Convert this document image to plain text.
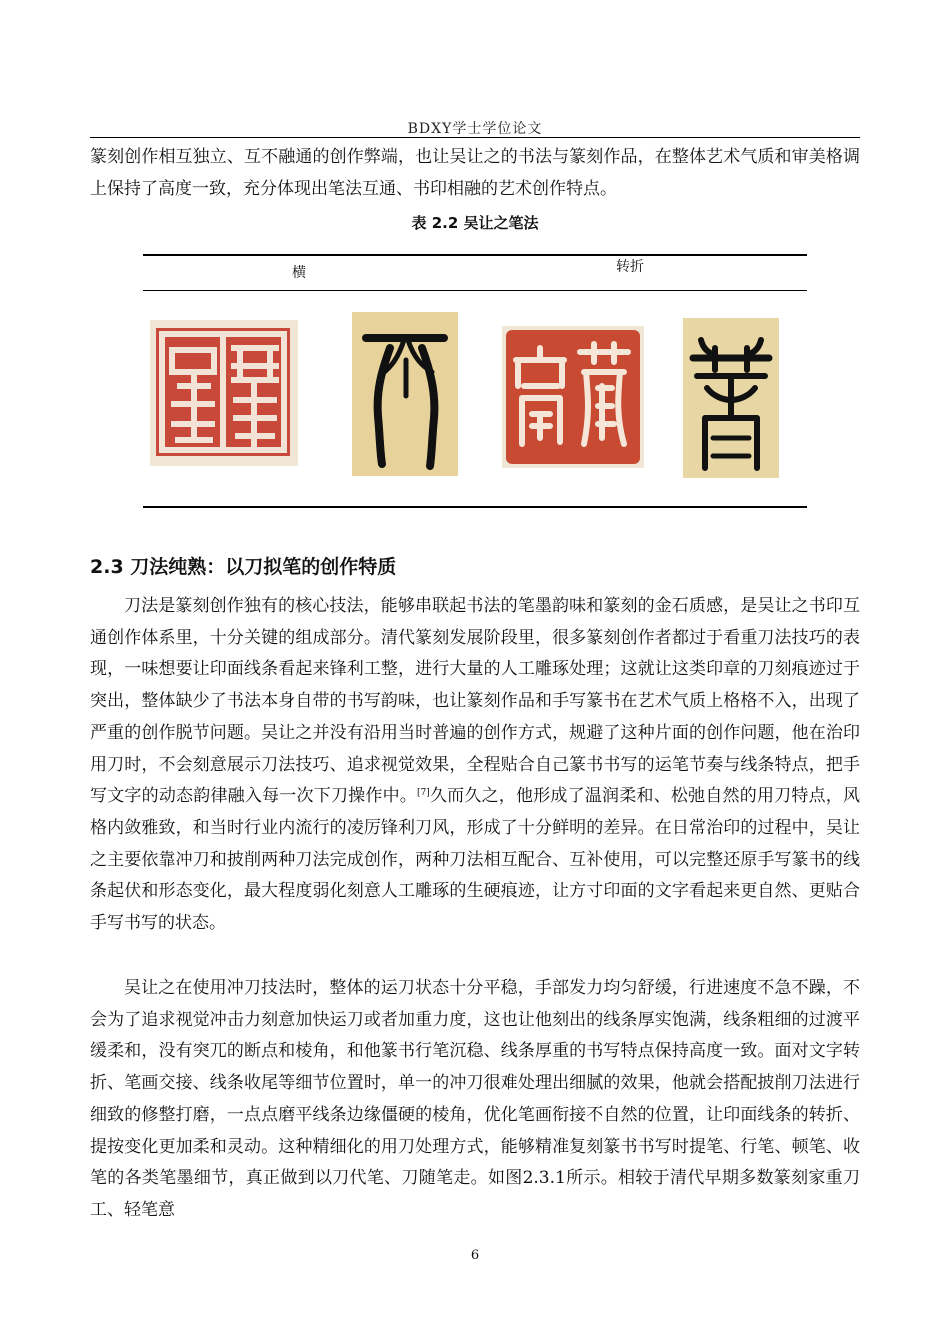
BDXY学士学位论文

篆刻创作相互独立、互不融通的创作弊端，也让吴让之的书法与篆刻作品，在整体艺术气质和审美格调上保持了高度一致，充分体现出笔法互通、书印相融的艺术创作特点。

表 2.2 吴让之笔法
横	转折
2.3 刀法纯熟：以刀拟笔的创作特质

刀法是篆刻创作独有的核心技法，能够串联起书法的笔墨韵味和篆刻的金石质感，是吴让之书印互通创作体系里，十分关键的组成部分。清代篆刻发展阶段里，很多篆刻创作者都过于看重刀法技巧的表现，一味想要让印面线条看起来锋利工整，进行大量的人工雕琢处理；这就让这类印章的刀刻痕迹过于突出，整体缺少了书法本身自带的书写韵味，也让篆刻作品和手写篆书在艺术气质上格格不入，出现了严重的创作脱节问题。吴让之并没有沿用当时普遍的创作方式，规避了这种片面的创作问题，他在治印用刀时，不会刻意展示刀法技巧、追求视觉效果，全程贴合自己篆书书写的运笔节奏与线条特点，把手写文字的动态韵律融入每一次下刀操作中。[7]久而久之，他形成了温润柔和、松弛自然的用刀特点，风格内敛雅致，和当时行业内流行的凌厉锋利刀风，形成了十分鲜明的差异。在日常治印的过程中，吴让之主要依靠冲刀和披削两种刀法完成创作，两种刀法相互配合、互补使用，可以完整还原手写篆书的线条起伏和形态变化，最大程度弱化刻意人工雕琢的生硬痕迹，让方寸印面的文字看起来更自然、更贴合手写书写的状态。

吴让之在使用冲刀技法时，整体的运刀状态十分平稳，手部发力均匀舒缓，行进速度不急不躁，不会为了追求视觉冲击力刻意加快运刀或者加重力度，这也让他刻出的线条厚实饱满，线条粗细的过渡平缓柔和，没有突兀的断点和棱角，和他篆书行笔沉稳、线条厚重的书写特点保持高度一致。面对文字转折、笔画交接、线条收尾等细节位置时，单一的冲刀很难处理出细腻的效果，他就会搭配披削刀法进行细致的修整打磨，一点点磨平线条边缘僵硬的棱角，优化笔画衔接不自然的位置，让印面线条的转折、提按变化更加柔和灵动。这种精细化的用刀处理方式，能够精准复刻篆书书写时提笔、行笔、顿笔、收笔的各类笔墨细节，真正做到以刀代笔、刀随笔走。如图2.3.1所示。相较于清代早期多数篆刻家重刀工、轻笔意

6
